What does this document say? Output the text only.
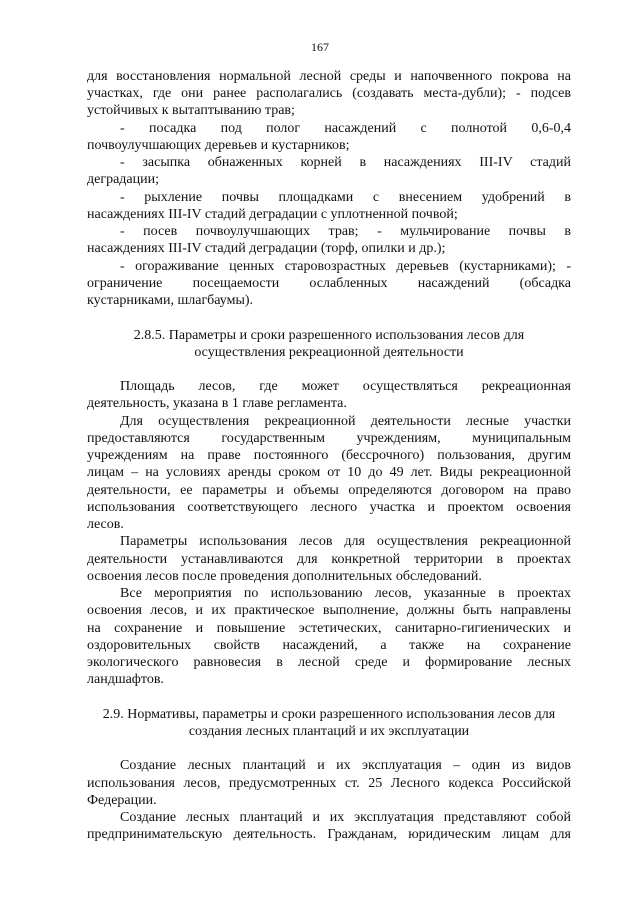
167
для восстановления нормальной лесной среды и напочвенного покрова на
участках, где они ранее располагались (создавать места-дубли); - подсев
устойчивых к вытаптыванию трав;
- посадка под полог насаждений с полнотой 0,6-0,4
почвоулучшающих деревьев и кустарников;
- засыпка обнаженных корней в насаждениях III-IV стадий
деградации;
- рыхление почвы площадками с внесением удобрений в
насаждениях III-IV стадий деградации с уплотненной почвой;
- посев почвоулучшающих трав; - мульчирование почвы в
насаждениях III-IV стадий деградации (торф, опилки и др.);
- огораживание ценных старовозрастных деревьев (кустарниками); -
ограничение посещаемости ослабленных насаждений (обсадка
кустарниками, шлагбаумы).
2.8.5. Параметры и сроки разрешенного использования лесов для
осуществления рекреационной деятельности
Площадь лесов, где может осуществляться рекреационная
деятельность, указана в 1 главе регламента.
Для осуществления рекреационной деятельности лесные участки
предоставляются государственным учреждениям, муниципальным
учреждениям на праве постоянного (бессрочного) пользования, другим
лицам – на условиях аренды сроком от 10 до 49 лет. Виды рекреационной
деятельности, ее параметры и объемы определяются договором на право
использования соответствующего лесного участка и проектом освоения
лесов.
Параметры использования лесов для осуществления рекреационной
деятельности устанавливаются для конкретной территории в проектах
освоения лесов после проведения дополнительных обследований.
Все мероприятия по использованию лесов, указанные в проектах
освоения лесов, и их практическое выполнение, должны быть направлены
на сохранение и повышение эстетических, санитарно-гигиенических и
оздоровительных свойств насаждений, а также на сохранение
экологического равновесия в лесной среде и формирование лесных
ландшафтов.
2.9. Нормативы, параметры и сроки разрешенного использования лесов для
создания лесных плантаций и их эксплуатации
Создание лесных плантаций и их эксплуатация – один из видов
использования лесов, предусмотренных ст. 25 Лесного кодекса Российской
Федерации.
Создание лесных плантаций и их эксплуатация представляют собой
предпринимательскую деятельность. Гражданам, юридическим лицам для
